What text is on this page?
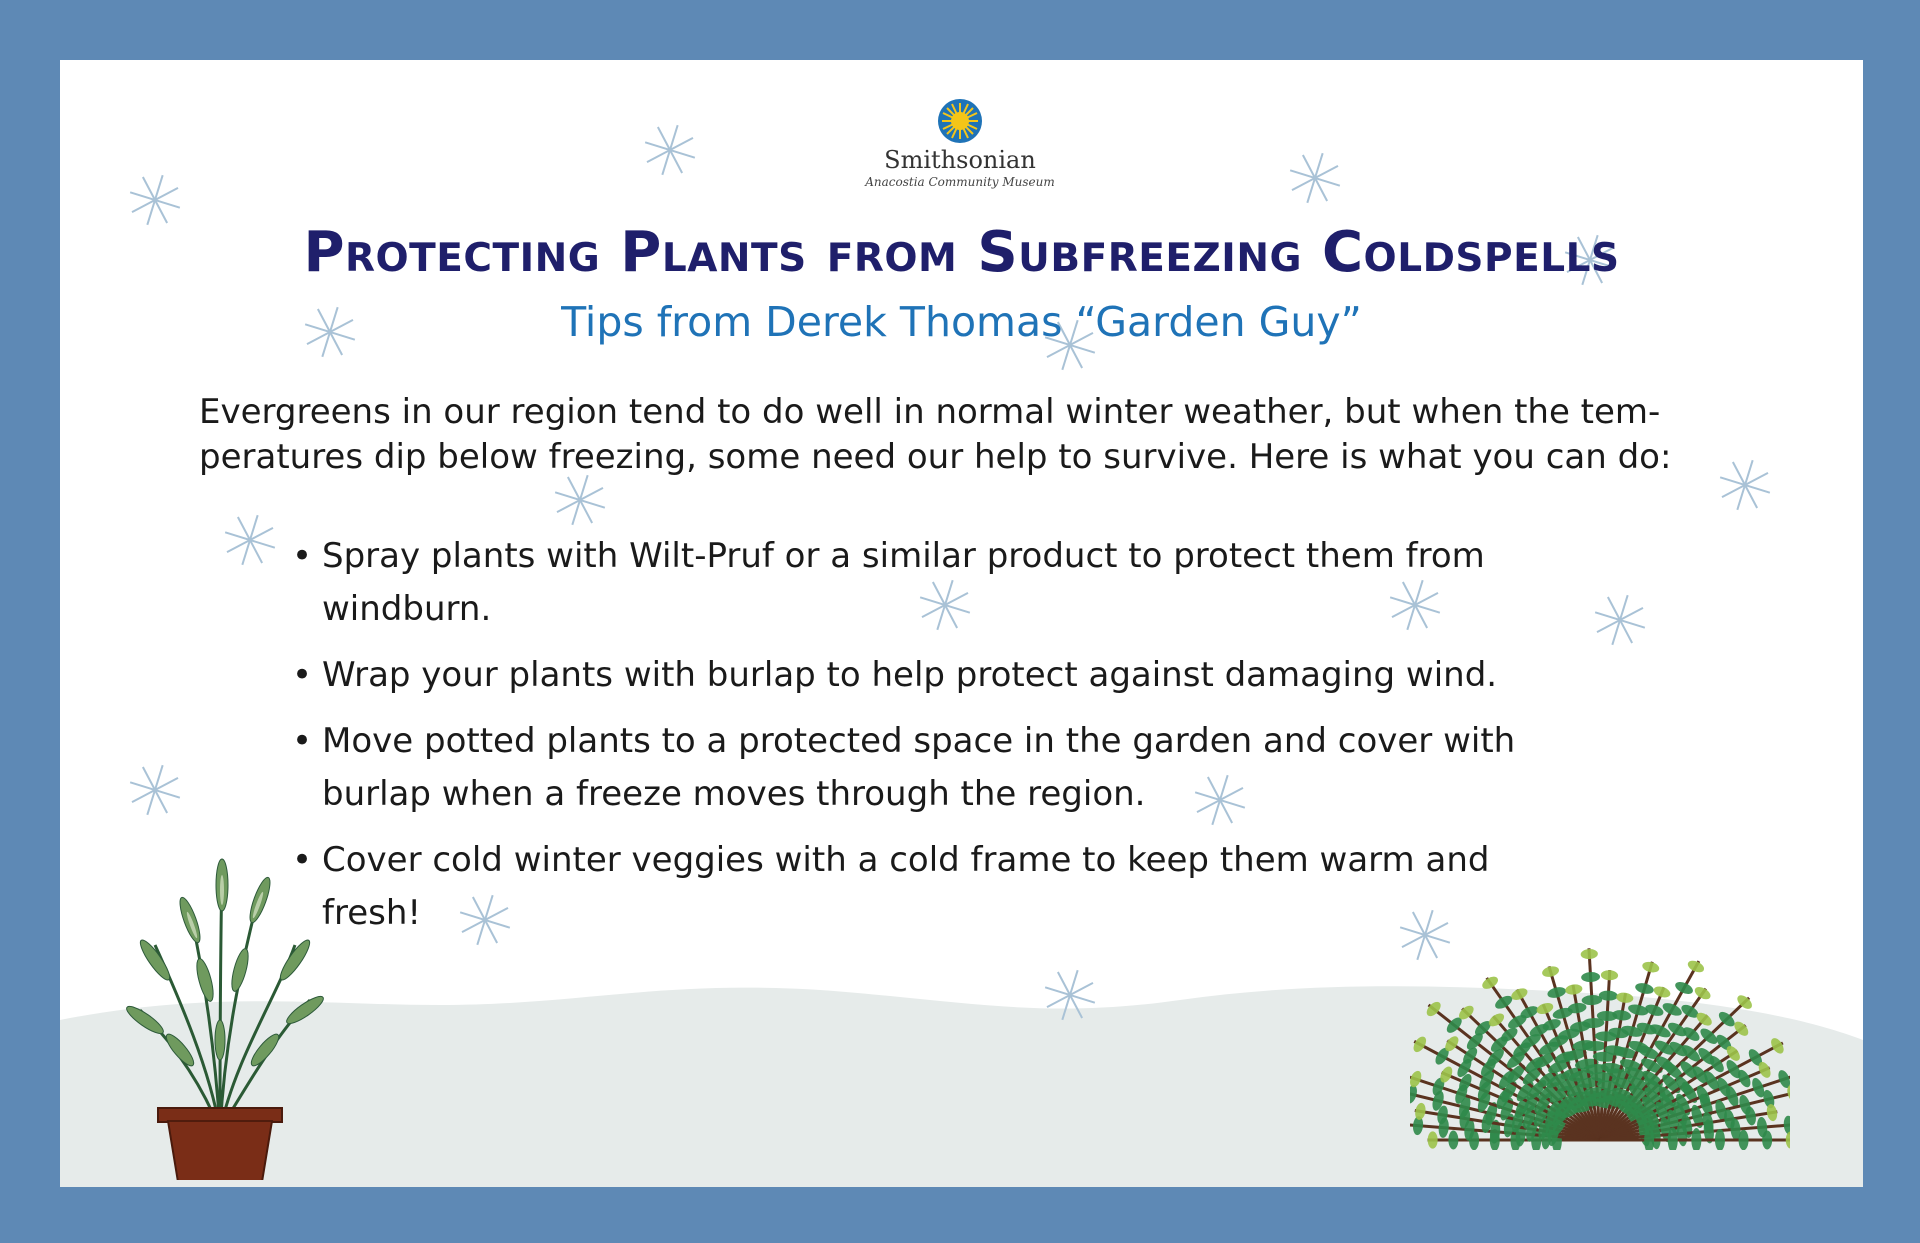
Smithsonian
Anacostia Community Museum
Protecting Plants from Subfreezing Coldspells
Tips from Derek Thomas “Garden Guy”
Evergreens in our region tend to do well in normal winter weather, but when the tem- peratures dip below freezing, some need our help to survive. Here is what you can do:
• Spray plants with Wilt-Pruf or a similar product to protect them from windburn.
• Wrap your plants with burlap to help protect against damaging wind.
• Move potted plants to a protected space in the garden and cover with burlap when a freeze moves through the region.
• Cover cold winter veggies with a cold frame to keep them warm and fresh!
